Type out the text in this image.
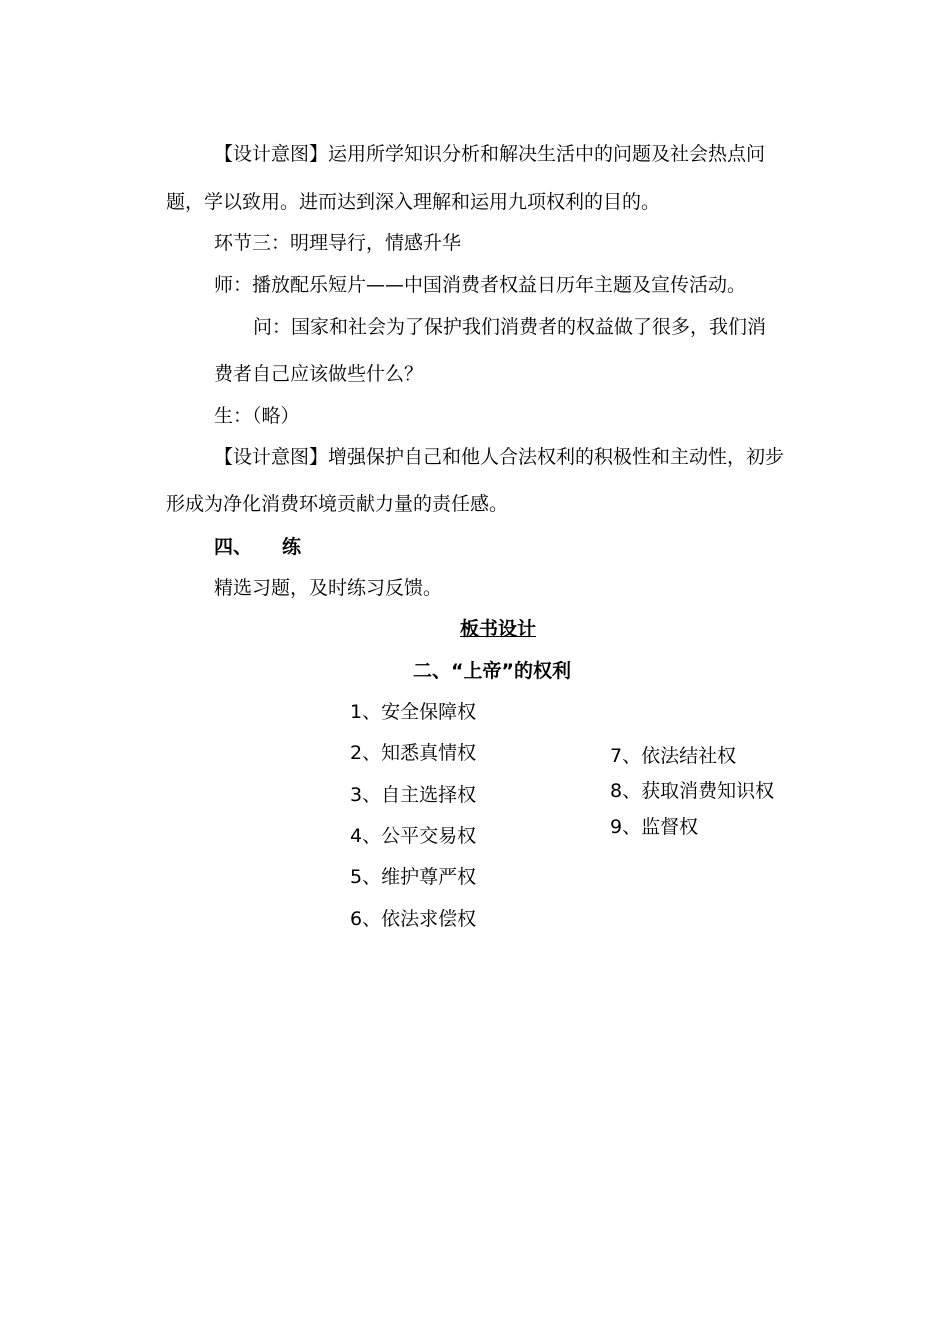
【设计意图】运用所学知识分析和解决生活中的问题及社会热点问
题，学以致用。进而达到深入理解和运用九项权利的目的。
环节三：明理导行，情感升华
师：播放配乐短片——中国消费者权益日历年主题及宣传活动。
问：国家和社会为了保护我们消费者的权益做了很多，我们消
费者自己应该做些什么？
生：（略）
【设计意图】增强保护自己和他人合法权利的积极性和主动性，初步
形成为净化消费环境贡献力量的责任感。
四、 练
精选习题，及时练习反馈。
板书设计
二、“上帝”的权利
1、安全保障权
2、知悉真情权
3、自主选择权
4、公平交易权
5、维护尊严权
6、依法求偿权
7、依法结社权
8、获取消费知识权
9、监督权
